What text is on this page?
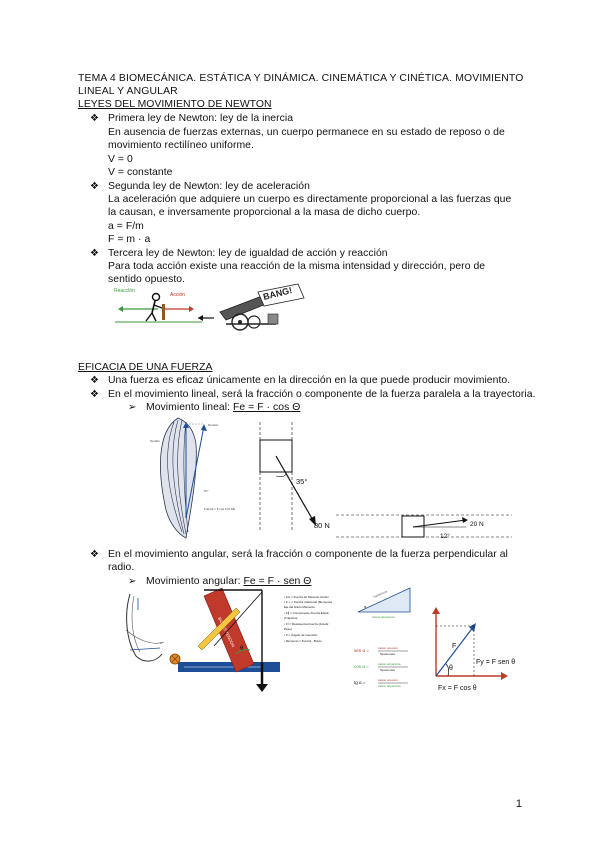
TEMA 4 BIOMECÁNICA. ESTÁTICA Y DINÁMICA. CINEMÁTICA Y CINÉTICA. MOVIMIENTO LINEAL Y ANGULAR
LEYES DEL MOVIMIENTO DE NEWTON
❖ Primera ley de Newton: ley de la inercia
En ausencia de fuerzas externas, un cuerpo permanece en su estado de reposo o de movimiento rectilíneo uniforme.
V = 0
V = constante
❖ Segunda ley de Newton: ley de aceleración
La aceleración que adquiere un cuerpo es directamente proporcional a las fuerzas que la causan, e inversamente proporcional a la masa de dicho cuerpo.
a = F/m
F = m · a
❖ Tercera ley de Newton: ley de igualdad de acción y reacción
Para toda acción existe una reacción de la misma intensidad y dirección, pero de sentido opuesto.
Reacción
Acción	BANG!
EFICACIA DE UNA FUERZA
❖ Una fuerza es eficaz únicamente en la dirección en la que puede producir movimiento.
❖ En el movimiento lineal, será la fracción o componente de la fuerza paralela a la trayectoria.
➢ Movimiento lineal: Fe = F · cos Θ
Tensión
Tendón
θ=°
Fuerza = F cos θ (0.94)
35°
80 N	20 N
12°
❖ En el movimiento angular, será la fracción o componente de la fuerza perpendicular al radio.
➢ Movimiento angular: Fe = F · sen Θ
α
θ
• Fm = Fuerza de Músculo Acción
• F⊥ = Fuerza rotacional (Momento)
Eje del brazo Momento
• F∥ = Componente Fuerza Estab.
(Tracción)
• Fr = Resistencia Fuerza (Antebr.
Peso)
• θ = Ángulo de inserción
• Momento = Fuerza · Brazo
α
hipotenusa
cateto adyacente
sen α =	cateto opuesto
hipotenusa
cos α =	cateto adyacente
hipotenusa
tg α =	cateto opuesto
cateto adyacente
θ
F
Fy = F sen θ
Fx = F cos θ
1
